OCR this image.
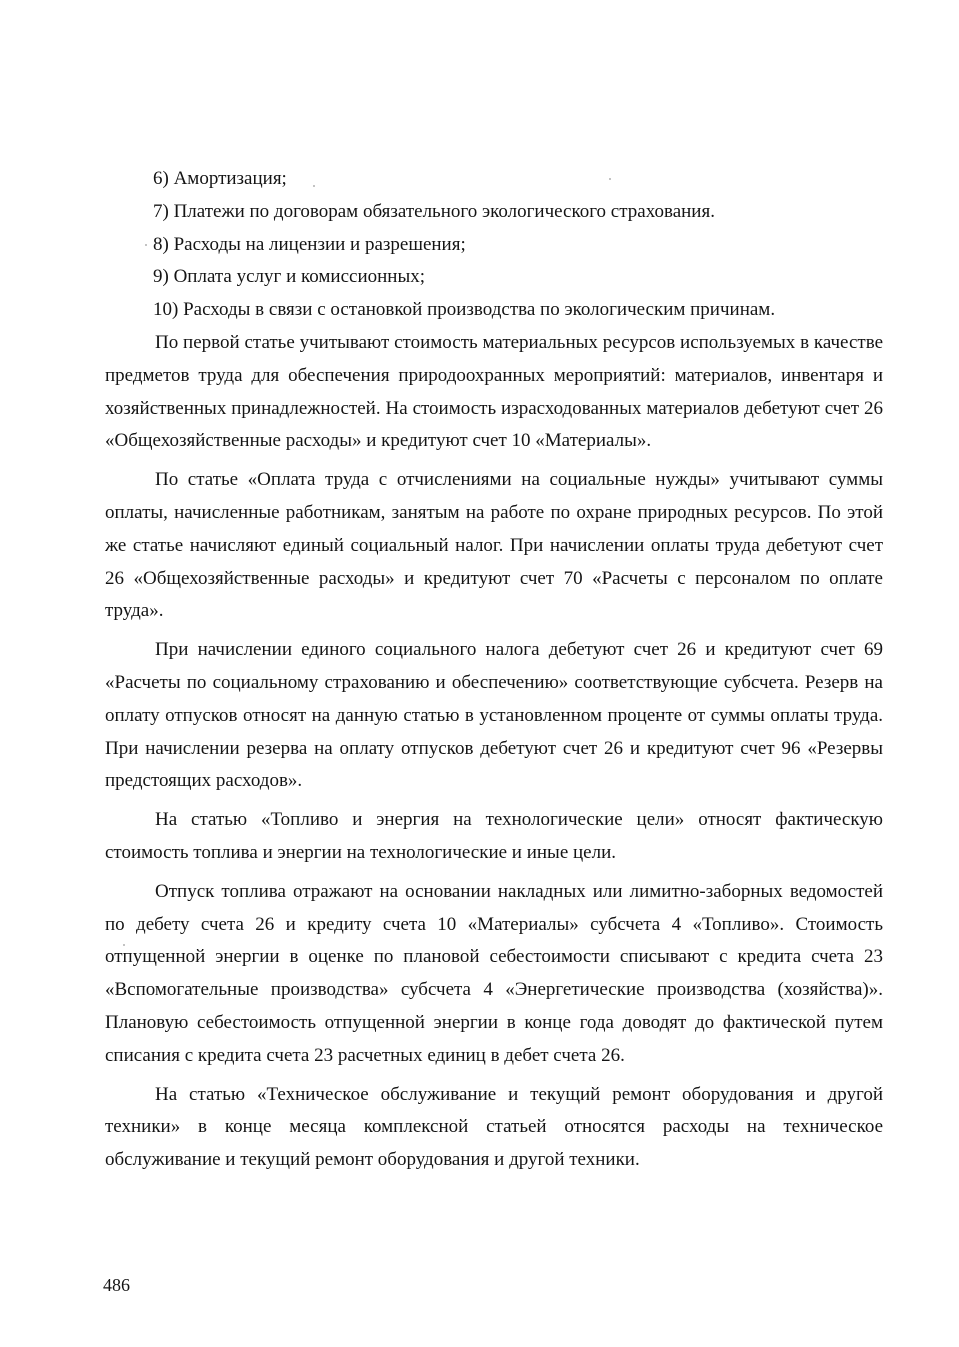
6) Амортизация;
7) Платежи по договорам обязательного экологического страхования.
8) Расходы на лицензии и разрешения;
9) Оплата услуг и комиссионных;
10) Расходы в связи с остановкой производства по экологическим причинам.

По первой статье учитывают стоимость материальных ресурсов используемых в качестве предметов труда для обеспечения природоохранных мероприятий: материалов, инвентаря и хозяйственных принадлежностей. На стоимость израсходованных материалов дебетуют счет 26 «Общехозяйственные расходы» и кредитуют счет 10 «Материалы».

По статье «Оплата труда с отчислениями на социальные нужды» учитывают суммы оплаты, начисленные работникам, занятым на работе по охране природных ресурсов. По этой же статье начисляют единый социальный налог. При начислении оплаты труда дебетуют счет 26 «Общехозяйственные расходы» и кредитуют счет 70 «Расчеты с персоналом по оплате труда».

При начислении единого социального налога дебетуют счет 26 и кредитуют счет 69 «Расчеты по социальному страхованию и обеспечению» соответствующие субсчета. Резерв на оплату отпусков относят на данную статью в установленном проценте от суммы оплаты труда. При начислении резерва на оплату отпусков дебетуют счет 26 и кредитуют счет 96 «Резервы предстоящих расходов».

На статью «Топливо и энергия на технологические цели» относят фактическую стоимость топлива и энергии на технологические и иные цели.

Отпуск топлива отражают на основании накладных или лимитно-заборных ведомостей по дебету счета 26 и кредиту счета 10 «Материалы» субсчета 4 «Топливо». Стоимость отпущенной энергии в оценке по плановой себестоимости списывают с кредита счета 23 «Вспомогательные производства» субсчета 4 «Энергетические производства (хозяйства)». Плановую себестоимость отпущенной энергии в конце года доводят до фактической путем списания с кредита счета 23 расчетных единиц в дебет счета 26.

На статью «Техническое обслуживание и текущий ремонт оборудования и другой техники» в конце месяца комплексной статьей относятся расходы на техническое обслуживание и текущий ремонт оборудования и другой техники.

486
